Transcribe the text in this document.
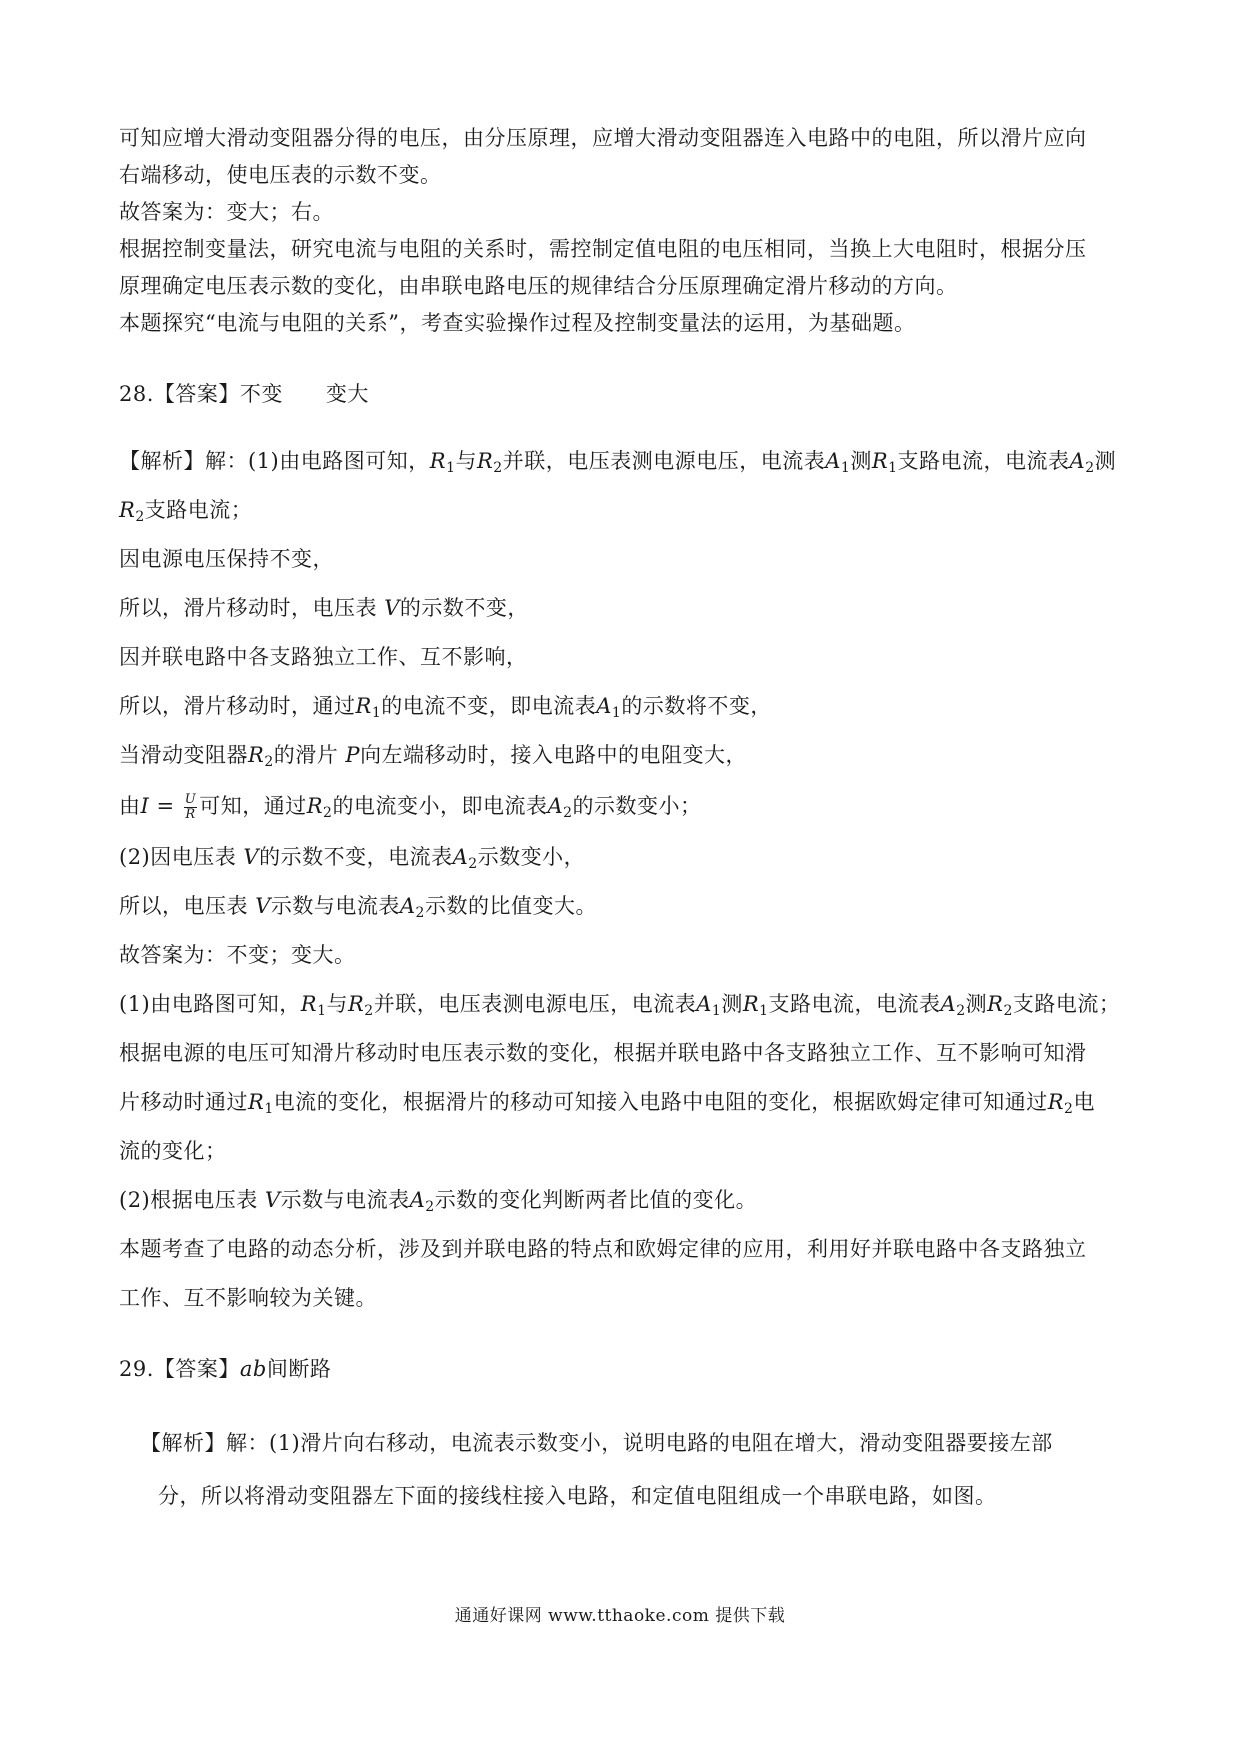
可知应增大滑动变阻器分得的电压，由分压原理，应增大滑动变阻器连入电路中的电阻，所以滑片应向
右端移动，使电压表的示数不变。
故答案为：变大；右。
根据控制变量法，研究电流与电阻的关系时，需控制定值电阻的电压相同，当换上大电阻时，根据分压
原理确定电压表示数的变化，由串联电路电压的规律结合分压原理确定滑片移动的方向。
本题探究“电流与电阻的关系”，考查实验操作过程及控制变量法的运用，为基础题。
28.【答案】不变　　变大
【解析】解：(1)由电路图可知，$R_1$与$R_2$并联，电压表测电源电压，电流表$A_1$测$R_1$支路电流，电流表$A_2$测
$R_2$支路电流；
因电源电压保持不变，
所以，滑片移动时，电压表 V的示数不变，
因并联电路中各支路独立工作、互不影响，
所以，滑片移动时，通过$R_1$的电流不变，即电流表$A_1$的示数将不变，
当滑动变阻器$R_2$的滑片 P向左端移动时，接入电路中的电阻变大，
由$I = \frac{U}{R}$ 可知，通过$R_2$的电流变小，即电流表$A_2$的示数变小；
(2)因电压表 V的示数不变，电流表$A_2$示数变小，
所以，电压表 V示数与电流表$A_2$示数的比值变大。
故答案为：不变；变大。
(1)由电路图可知，$R_1$与$R_2$并联，电压表测电源电压，电流表$A_1$测$R_1$支路电流，电流表$A_2$测$R_2$支路电流；
根据电源的电压可知滑片移动时电压表示数的变化，根据并联电路中各支路独立工作、互不影响可知滑
片移动时通过$R_1$电流的变化，根据滑片的移动可知接入电路中电阻的变化，根据欧姆定律可知通过$R_2$电
流的变化；
(2)根据电压表 V示数与电流表$A_2$示数的变化判断两者比值的变化。
本题考查了电路的动态分析，涉及到并联电路的特点和欧姆定律的应用，利用好并联电路中各支路独立
工作、互不影响较为关键。
29.【答案】ab间断路
【解析】解：(1)滑片向右移动，电流表示数变小，说明电路的电阻在增大，滑动变阻器要接左部
分，所以将滑动变阻器左下面的接线柱接入电路，和定值电阻组成一个串联电路，如图。
通通好课网 www.tthaoke.com 提供下载
